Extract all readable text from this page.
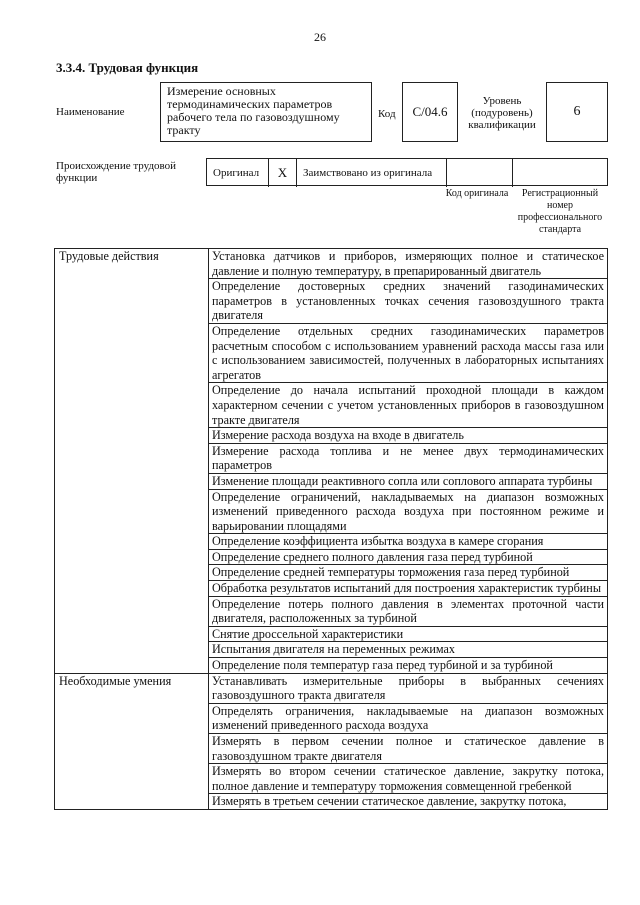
26
3.3.4. Трудовая функция
Наименование
Измерение основных термодинамических параметров рабочего тела по газовоздушному тракту
Код	C/04.6
Уровень (подуровень) квалификации
6
Происхождение трудовой функции	Оригинал	X	Заимствовано из оригинала
Код оригинала	Регистрационный номер профессионального стандарта
Трудовые действия	Установка датчиков и приборов, измеряющих полное и статическое давление и полную температуру, в препарированный двигатель
	Определение достоверных средних значений газодинамических параметров в установленных точках сечения газовоздушного тракта двигателя
	Определение отдельных средних газодинамических параметров расчетным способом с использованием уравнений расхода массы газа или с использованием зависимостей, полученных в лабораторных испытаниях агрегатов
	Определение до начала испытаний проходной площади в каждом характерном сечении с учетом установленных приборов в газовоздушном тракте двигателя
	Измерение расхода воздуха на входе в двигатель
	Измерение расхода топлива и не менее двух термодинамических параметров
	Изменение площади реактивного сопла или соплового аппарата турбины
	Определение ограничений, накладываемых на диапазон возможных изменений приведенного расхода воздуха при постоянном режиме и варьировании площадями
	Определение коэффициента избытка воздуха в камере сгорания
	Определение среднего полного давления газа перед турбиной
	Определение средней температуры торможения газа перед турбиной
	Обработка результатов испытаний для построения характеристик турбины
	Определение потерь полного давления в элементах проточной части двигателя, расположенных за турбиной
	Снятие дроссельной характеристики
	Испытания двигателя на переменных режимах
	Определение поля температур газа перед турбиной и за турбиной
Необходимые умения	Устанавливать измерительные приборы в выбранных сечениях газовоздушного тракта двигателя
	Определять ограничения, накладываемые на диапазон возможных изменений приведенного расхода воздуха
	Измерять в первом сечении полное и статическое давление в газовоздушном тракте двигателя
	Измерять во втором сечении статическое давление, закрутку потока, полное давление и температуру торможения совмещенной гребенкой
	Измерять в третьем сечении статическое давление, закрутку потока,
